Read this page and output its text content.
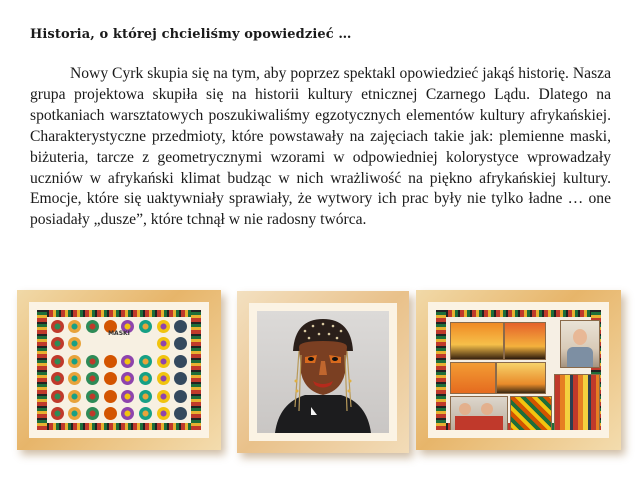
Historia, o której chcieliśmy opowiedzieć …

Nowy Cyrk skupia się na tym, aby poprzez spektakl opowiedzieć jakąś historię. Nasza grupa projektowa skupiła się na historii kultury etnicznej Czarnego Lądu. Dlatego na spotkaniach warsztatowych poszukiwaliśmy egzotycznych elementów kultury afrykańskiej. Charakterystyczne przedmioty, które powstawały na zajęciach takie jak: plemienne maski, biżuteria, tarcze z geometrycznymi wzorami w odpowiedniej kolorystyce wprowadzały uczniów w afrykański klimat budząc w nich wrażliwość na piękno afrykańskiej kultury. Emocje, które się uaktywniały sprawiały, że wytwory ich prac były nie tylko ładne … one posiadały „dusze”, które tchnął w nie radosny twórca.

MASKI
